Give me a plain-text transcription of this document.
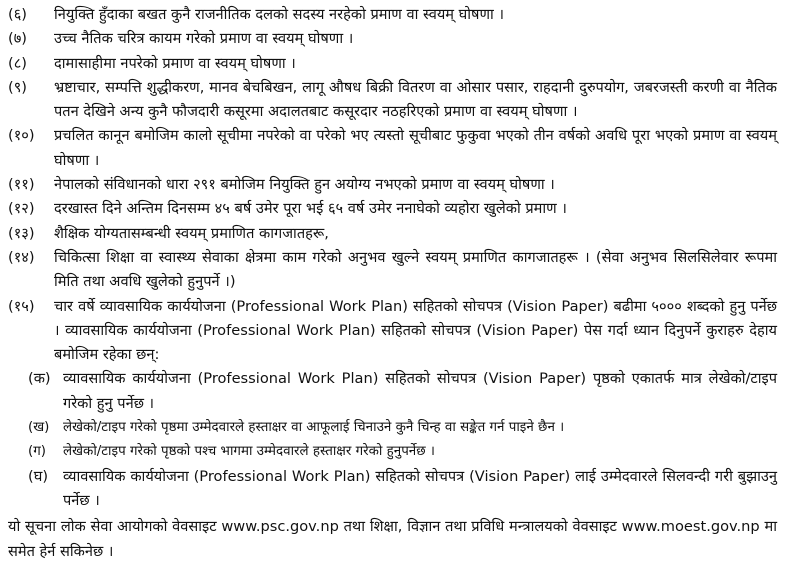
(६)	नियुक्ति हुँदाका बखत कुनै राजनीतिक दलको सदस्य नरहेको प्रमाण वा स्वयम् घोषणा ।
(७)	उच्च नैतिक चरित्र कायम गरेको प्रमाण वा स्वयम् घोषणा ।
(८)	दामासाहीमा नपरेको प्रमाण वा स्वयम् घोषणा ।
(९)	भ्रष्टाचार, सम्पत्ति शुद्धीकरण, मानव बेचबिखन, लागू औषध बिक्री वितरण वा ओसार पसार, राहदानी दुरुपयोग, जबरजस्ती करणी वा नैतिक पतन देखिने अन्य कुनै फौजदारी कसूरमा अदालतबाट कसूरदार नठहरिएको प्रमाण वा स्वयम् घोषणा ।
(१०)	प्रचलित कानून बमोजिम कालो सूचीमा नपरेको वा परेको भए त्यस्तो सूचीबाट फुकुवा भएको तीन वर्षको अवधि पूरा भएको प्रमाण वा स्वयम् घोषणा ।
(११)	नेपालको संविधानको धारा २९१ बमोजिम नियुक्ति हुन अयोग्य नभएको प्रमाण वा स्वयम् घोषणा ।
(१२)	दरखास्त दिने अन्तिम दिनसम्म ४५ बर्ष उमेर पूरा भई ६५ वर्ष उमेर ननाघेको व्यहोरा खुलेको प्रमाण ।
(१३)	शैक्षिक योग्यतासम्बन्धी स्वयम् प्रमाणित कागजातहरू,
(१४)	चिकित्सा शिक्षा वा स्वास्थ्य सेवाका क्षेत्रमा काम गरेको अनुभव खुल्ने स्वयम् प्रमाणित कागजातहरू । (सेवा अनुभव सिलसिलेवार रूपमा मिति तथा अवधि खुलेको हुनुपर्ने ।)
(१५)	चार वर्षे व्यावसायिक कार्ययोजना (Professional Work Plan) सहितको सोचपत्र (Vision Paper) बढीमा ५००० शब्दको हुनु पर्नेछ । व्यावसायिक कार्ययोजना (Professional Work Plan) सहितको सोचपत्र (Vision Paper) पेस गर्दा ध्यान दिनुपर्ने कुराहरु देहाय बमोजिम रहेका छन्:
(क) व्यावसायिक कार्ययोजना (Professional Work Plan) सहितको सोचपत्र (Vision Paper) पृष्ठको एकातर्फ मात्र लेखेको/टाइप गरेको हुनु पर्नेछ ।
(ख)	लेखेको/टाइप गरेको पृष्ठमा उम्मेदवारले हस्ताक्षर वा आफूलाई चिनाउने कुनै चिन्ह वा सङ्केत गर्न पाइने छैन ।
(ग)	लेखेको/टाइप गरेको पृष्ठको पश्च भागमा उम्मेदवारले हस्ताक्षर गरेको हुनुपर्नेछ ।
(घ)	व्यावसायिक कार्ययोजना (Professional Work Plan) सहितको सोचपत्र (Vision Paper) लाई उम्मेदवारले सिलवन्दी गरी बुझाउनु पर्नेछ ।
यो सूचना लोक सेवा आयोगको वेवसाइट www.psc.gov.np तथा शिक्षा, विज्ञान तथा प्रविधि मन्त्रालयको वेवसाइट www.moest.gov.np मा समेत हेर्न सकिनेछ ।
